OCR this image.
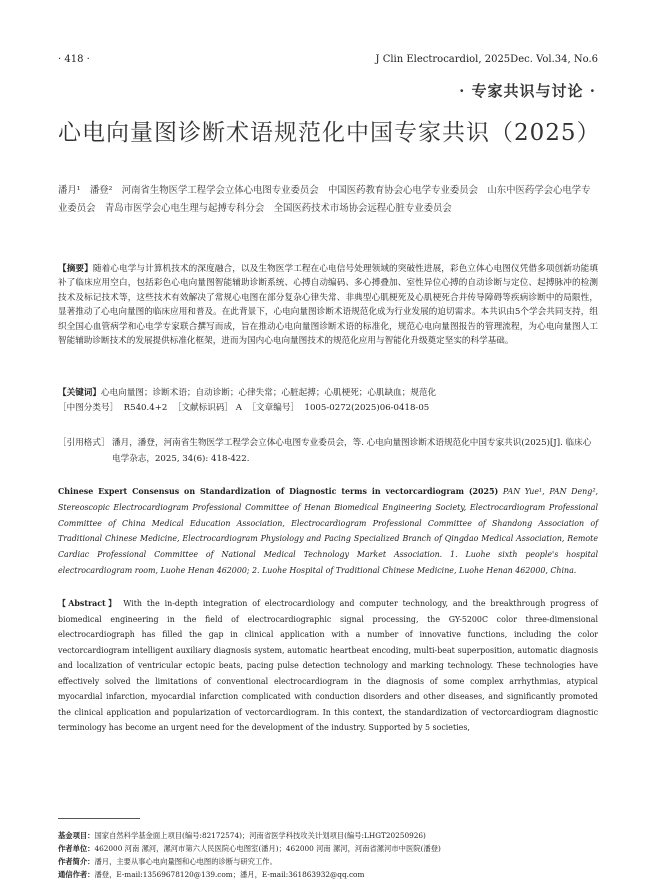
· 418 ·	J Clin Electrocardiol, 2025Dec. Vol.34, No.6
· 专家共识与讨论 ·
心电向量图诊断术语规范化中国专家共识（2025）
潘月¹　潘登²　河南省生物医学工程学会立体心电图专业委员会　中国医药教育协会心电学专业委员会　山东中医药学会心电学专业委员会　青岛市医学会心电生理与起搏专科分会　全国医药技术市场协会远程心脏专业委员会

【摘要】随着心电学与计算机技术的深度融合，以及生物医学工程在心电信号处理领域的突破性进展，彩色立体心电图仪凭借多项创新功能填补了临床应用空白，包括彩色心电向量图智能辅助诊断系统、心搏自动编码、多心搏叠加、室性异位心搏的自动诊断与定位、起搏脉冲的检测技术及标记技术等，这些技术有效解决了常规心电图在部分复杂心律失常、非典型心肌梗死及心肌梗死合并传导障碍等疾病诊断中的局限性，显著推动了心电向量图的临床应用和普及。在此背景下，心电向量图诊断术语规范化成为行业发展的迫切需求。本共识由5个学会共同支持，组织全国心血管病学和心电学专家联合撰写而成，旨在推动心电向量图诊断术语的标准化，规范心电向量图报告的管理流程，为心电向量图人工智能辅助诊断技术的发展提供标准化框架，进而为国内心电向量图技术的规范化应用与智能化升级奠定坚实的科学基础。

【关键词】心电向量图；诊断术语；自动诊断；心律失常；心脏起搏；心肌梗死；心肌缺血；规范化
［中图分类号］ R540.4+2 ［文献标识码］ A ［文章编号］ 1005-0272(2025)06-0418-05
［引用格式］ 潘月，潘登，河南省生物医学工程学会立体心电图专业委员会，等. 心电向量图诊断术语规范化中国专家共识(2025)[J]. 临床心电学杂志，2025, 34(6): 418-422.
Chinese Expert Consensus on Standardization of Diagnostic terms in vectorcardiogram (2025) PAN Yue¹, PAN Deng², Stereoscopic Electrocardiogram Professional Committee of Henan Biomedical Engineering Society, Electrocardiogram Professional Committee of China Medical Education Association, Electrocardiogram Professional Committee of Shandong Association of Traditional Chinese Medicine, Electrocardiogram Physiology and Pacing Specialized Branch of Qingdao Medical Association, Remote Cardiac Professional Committee of National Medical Technology Market Association. 1. Luohe sixth people's hospital electrocardiogram room, Luohe Henan 462000; 2. Luohe Hospital of Traditional Chinese Medicine, Luohe Henan 462000, China.
【Abstract】 With the in-depth integration of electrocardiology and computer technology, and the breakthrough progress of biomedical engineering in the field of electrocardiographic signal processing, the GY-5200C color three-dimensional electrocardiograph has filled the gap in clinical application with a number of innovative functions, including the color vectorcardiogram intelligent auxiliary diagnosis system, automatic heartbeat encoding, multi-beat superposition, automatic diagnosis and localization of ventricular ectopic beats, pacing pulse detection technology and marking technology. These technologies have effectively solved the limitations of conventional electrocardiogram in the diagnosis of some complex arrhythmias, atypical myocardial infarction, myocardial infarction complicated with conduction disorders and other diseases, and significantly promoted the clinical application and popularization of vectorcardiogram. In this context, the standardization of vectorcardiogram diagnostic terminology has become an urgent need for the development of the industry. Supported by 5 societies,
基金项目：国家自然科学基金面上项目(编号:82172574)；河南省医学科技攻关计划项目(编号:LHGT20250926)
作者单位：462000 河南 漯河，漯河市第六人民医院心电图室(潘月)；462000 河南 漯河，河南省漯河市中医院(潘登)
作者简介：潘月，主要从事心电向量图和心电图的诊断与研究工作。
通信作者：潘登，E-mail:13569678120@139.com；潘月，E-mail:361863932@qq.com
